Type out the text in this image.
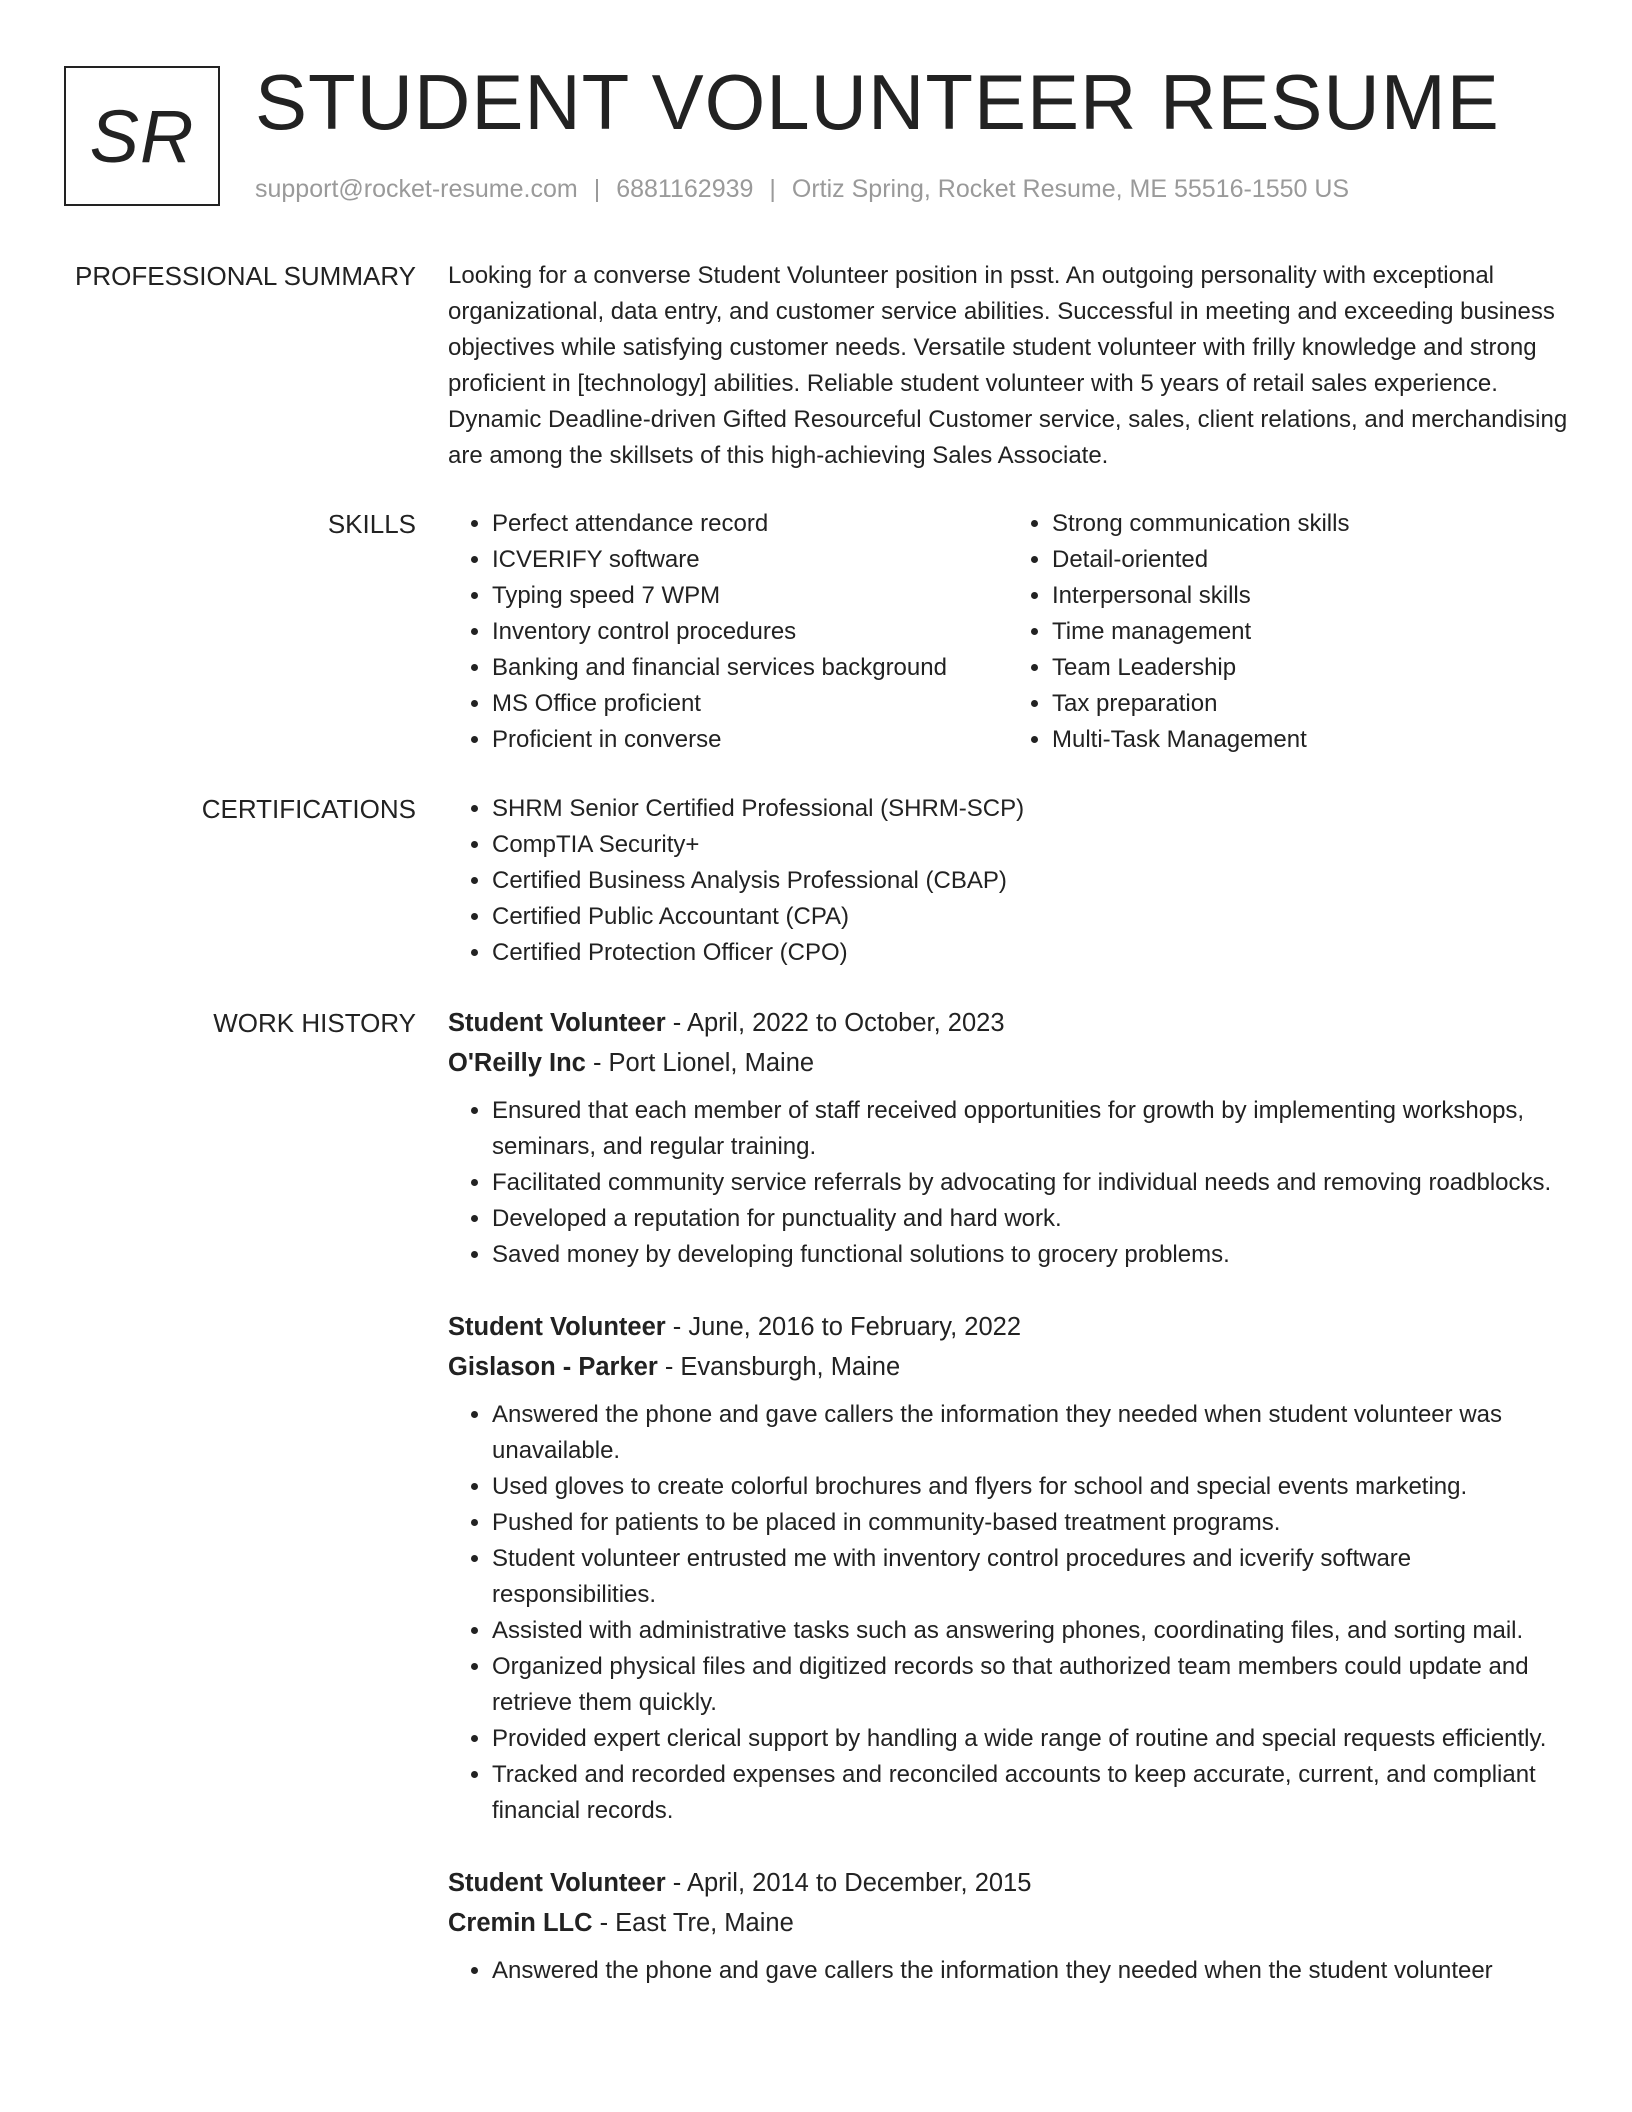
SR STUDENT VOLUNTEER RESUME
support@rocket-resume.com | 6881162939 | Ortiz Spring, Rocket Resume, ME 55516-1550 US
PROFESSIONAL SUMMARY Looking for a converse Student Volunteer position in psst. An outgoing personality with exceptional organizational, data entry, and customer service abilities. Successful in meeting and exceeding business objectives while satisfying customer needs. Versatile student volunteer with frilly knowledge and strong proficient in [technology] abilities. Reliable student volunteer with 5 years of retail sales experience. Dynamic Deadline-driven Gifted Resourceful Customer service, sales, client relations, and merchandising are among the skillsets of this high-achieving Sales Associate.

SKILLS	• Perfect attendance record
• ICVERIFY software
• Typing speed 7 WPM
• Inventory control procedures
• Banking and financial services background
• MS Office proficient
• Proficient in converse
• Strong communication skills
• Detail-oriented
• Interpersonal skills
• Time management
• Team Leadership
• Tax preparation
• Multi-Task Management
CERTIFICATIONS	• SHRM Senior Certified Professional (SHRM-SCP)
• CompTIA Security+
• Certified Business Analysis Professional (CBAP)
• Certified Public Accountant (CPA)
• Certified Protection Officer (CPO)
WORK HISTORY Student Volunteer - April, 2022 to October, 2023
O'Reilly Inc - Port Lionel, Maine
• Ensured that each member of staff received opportunities for growth by implementing workshops, seminars, and regular training.
• Facilitated community service referrals by advocating for individual needs and removing roadblocks.
• Developed a reputation for punctuality and hard work.
• Saved money by developing functional solutions to grocery problems.
Student Volunteer - June, 2016 to February, 2022
Gislason - Parker - Evansburgh, Maine
• Answered the phone and gave callers the information they needed when student volunteer was unavailable.
• Used gloves to create colorful brochures and flyers for school and special events marketing.
• Pushed for patients to be placed in community-based treatment programs.
• Student volunteer entrusted me with inventory control procedures and icverify software responsibilities.
• Assisted with administrative tasks such as answering phones, coordinating files, and sorting mail.
• Organized physical files and digitized records so that authorized team members could update and retrieve them quickly.
• Provided expert clerical support by handling a wide range of routine and special requests efficiently.
• Tracked and recorded expenses and reconciled accounts to keep accurate, current, and compliant financial records.
Student Volunteer - April, 2014 to December, 2015
Cremin LLC - East Tre, Maine
• Answered the phone and gave callers the information they needed when the student volunteer
